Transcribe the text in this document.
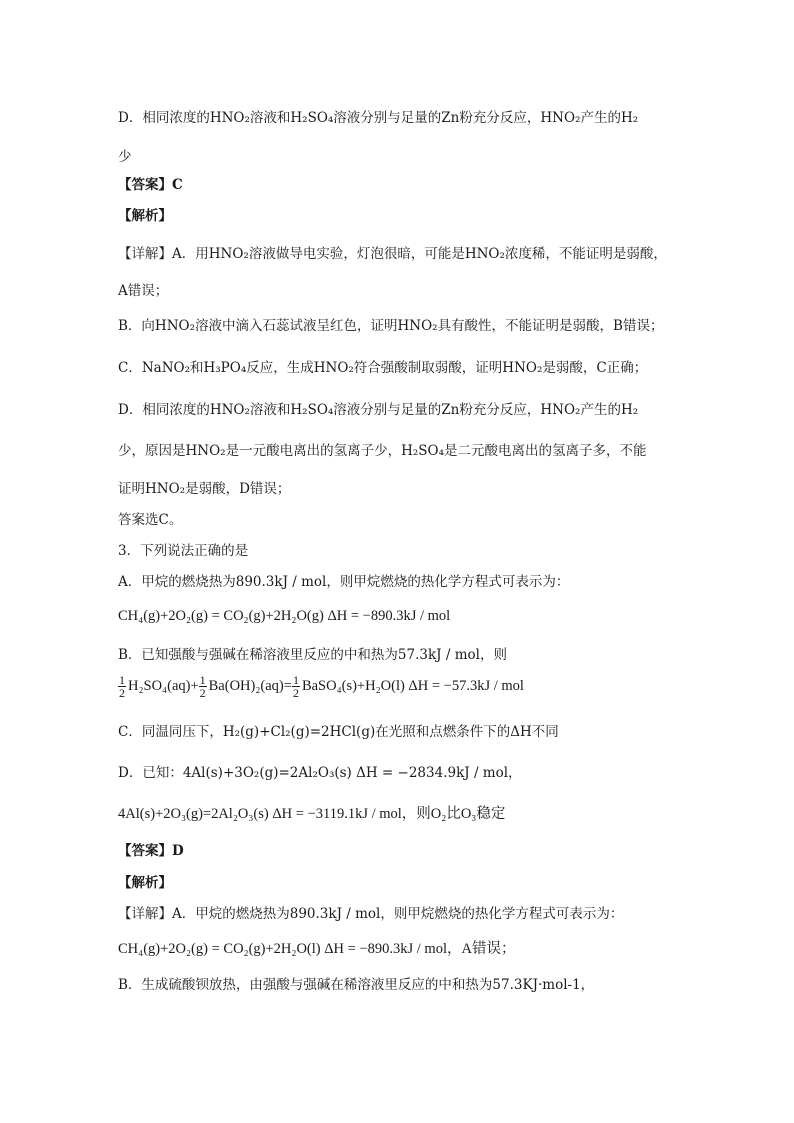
D．相同浓度的HNO₂溶液和H₂SO₄溶液分别与足量的Zn粉充分反应，HNO₂产生的H₂
少
【答案】C
【解析】
【详解】A．用HNO₂溶液做导电实验，灯泡很暗，可能是HNO₂浓度稀，不能证明是弱酸，
A错误；
B．向HNO₂溶液中滴入石蕊试液呈红色，证明HNO₂具有酸性，不能证明是弱酸，B错误；
C．NaNO₂和H₃PO₄反应，生成HNO₂符合强酸制取弱酸，证明HNO₂是弱酸，C正确；
D．相同浓度的HNO₂溶液和H₂SO₄溶液分别与足量的Zn粉充分反应，HNO₂产生的H₂
少，原因是HNO₂是一元酸电离出的氢离子少，H₂SO₄是二元酸电离出的氢离子多，不能
证明HNO₂是弱酸，D错误；
答案选C。
3．下列说法正确的是
A．甲烷的燃烧热为890.3kJ / mol，则甲烷燃烧的热化学方程式可表示为：
CH₄(g)+2O₂(g) = CO₂(g)+2H₂O(g) ΔH = −890.3kJ / mol
B．已知强酸与强碱在稀溶液里反应的中和热为57.3kJ / mol，则
$\frac{1}{2} H_2SO_4(aq)+ \frac{1}{2} Ba(OH)_2(aq)= \frac{1}{2}$ BaSO₄(s)+H₂O(l) ΔH = −57.3kJ / mol
C．同温同压下，H₂(g)+Cl₂(g)=2HCl(g)在光照和点燃条件下的ΔH不同
D．已知：4Al(s)+3O₂(g)=2Al₂O₃(s) ΔH = −2834.9kJ / mol，
4Al(s)+2O₃(g)=2Al₂O₃(s) ΔH = −3119.1kJ / mol，则O₂比O₃稳定
【答案】D
【解析】
【详解】A．甲烷的燃烧热为890.3kJ / mol，则甲烷燃烧的热化学方程式可表示为：
CH₄(g)+2O₂(g) = CO₂(g)+2H₂O(l) ΔH = −890.3kJ / mol，A错误；
B．生成硫酸钡放热，由强酸与强碱在稀溶液里反应的中和热为57.3KJ·mol-1，
